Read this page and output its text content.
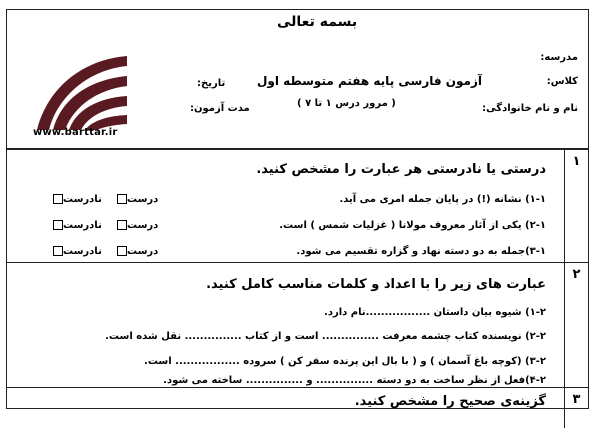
بسمه تعالی
مدرسه:
کلاس:
نام و نام خانوادگی:
آزمون فارسی پایه هفتم متوسطه اول
( مرور درس ۱ تا ۷ )
تاریخ:
مدت آزمون:
www.barttar.ir
۱
درستی یا نادرستی هر عبارت را مشخص کنید.
۱-۱) نشانه (!) در پایان جمله امری می آید.
۲-۱) یکی از آثار معروف مولانا ( غزلیات شمس ) است.
۳-۱)جمله به دو دسته نهاد و گزاره تقسیم می شود.
درست
نادرست
درست
نادرست
درست
نادرست
۲
عبارت های زیر را با اعداد و کلمات مناسب کامل کنید.
۱-۲) شیوه بیان داستان .................نام دارد.
۲-۲) نویسنده کتاب چشمه معرفت ............... است و از کتاب ............... نقل شده است.
۳-۲) (کوچه باغ آسمان ) و ( با بال این پرنده سفر کن ) سروده ................. است.
۴-۲)فعل از نظر ساخت به دو دسته ............... و ............... ساخته می شود.
۳
گزینه‌ی صحیح را مشخص کنید.
